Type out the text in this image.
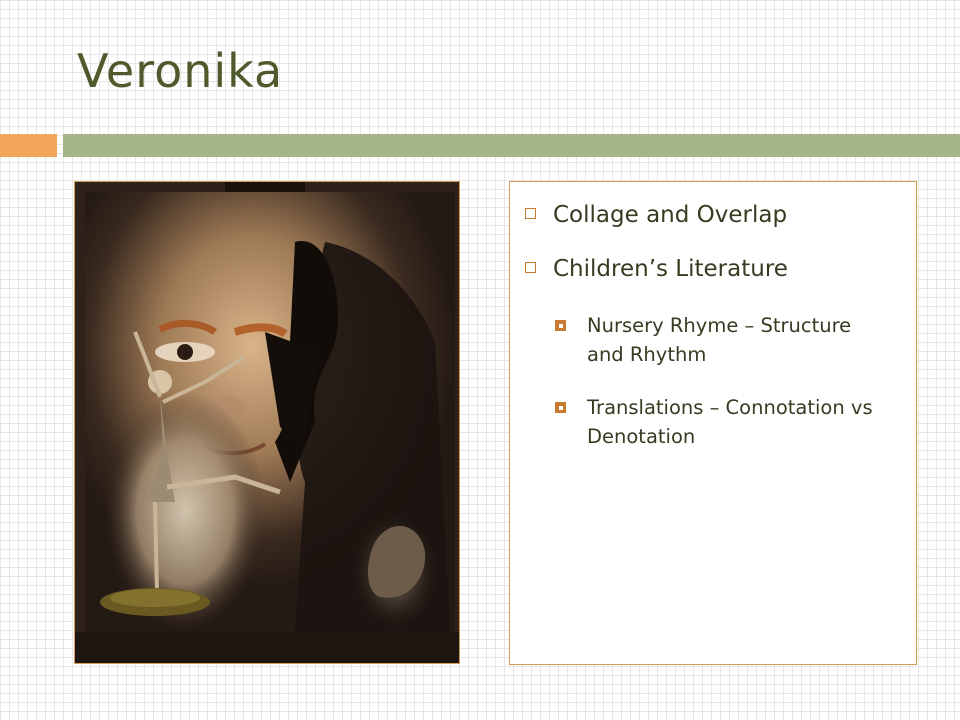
Veronika
Collage and Overlap
Children’s Literature
Nursery Rhyme – Structure and Rhythm
Translations – Connotation vs Denotation
